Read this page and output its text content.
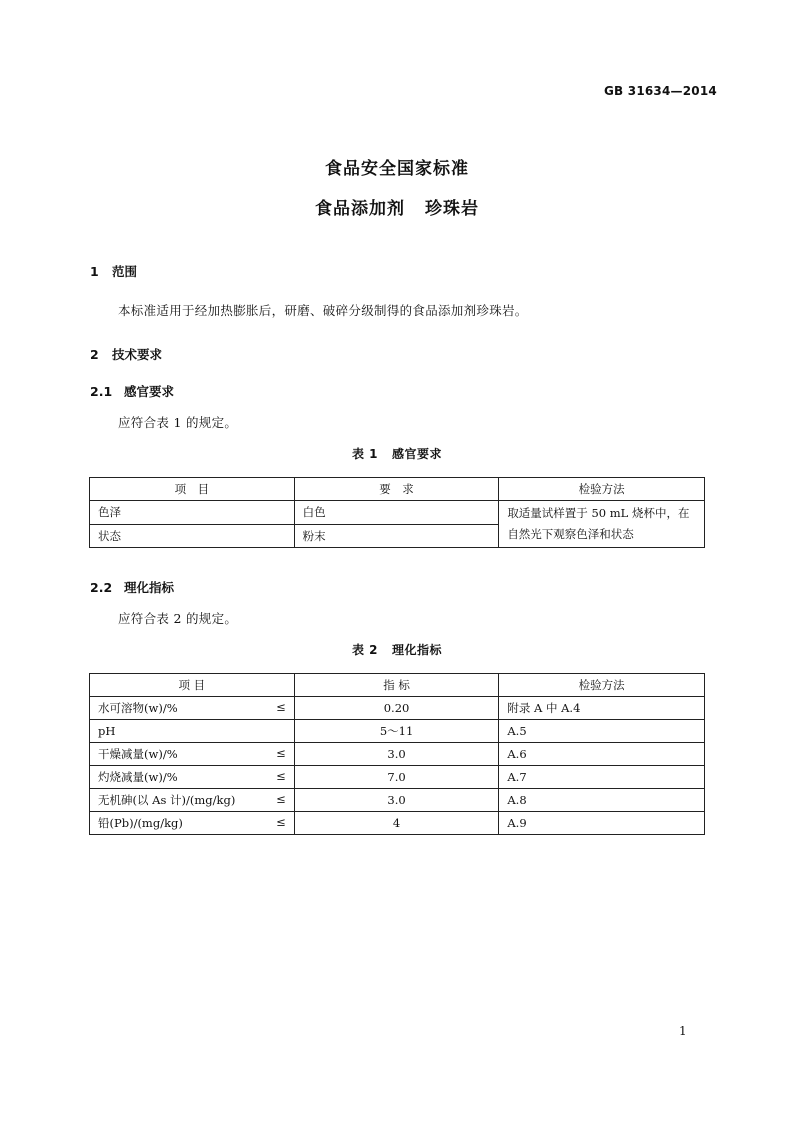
GB 31634—2014
食品安全国家标准
食品添加剂 珍珠岩
1 范围
本标准适用于经加热膨胀后，研磨、破碎分级制得的食品添加剂珍珠岩。
2 技术要求
2.1 感官要求
应符合表 1 的规定。
表 1 感官要求
项　目	要　求	检验方法
色泽	白色	取适量试样置于 50 mL 烧杯中，在自然光下观察色泽和状态
状态	粉末	
2.2 理化指标
应符合表 2 的规定。
表 2 理化指标
项 目	指 标	检验方法
水可溶物(w)/% ≤	0.20	附录 A 中 A.4
pH	5～11	A.5
干燥减量(w)/% ≤	3.0	A.6
灼烧减量(w)/% ≤	7.0	A.7
无机砷(以 As 计)/(mg/kg) ≤	3.0	A.8
铅(Pb)/(mg/kg) ≤	4	A.9
1
